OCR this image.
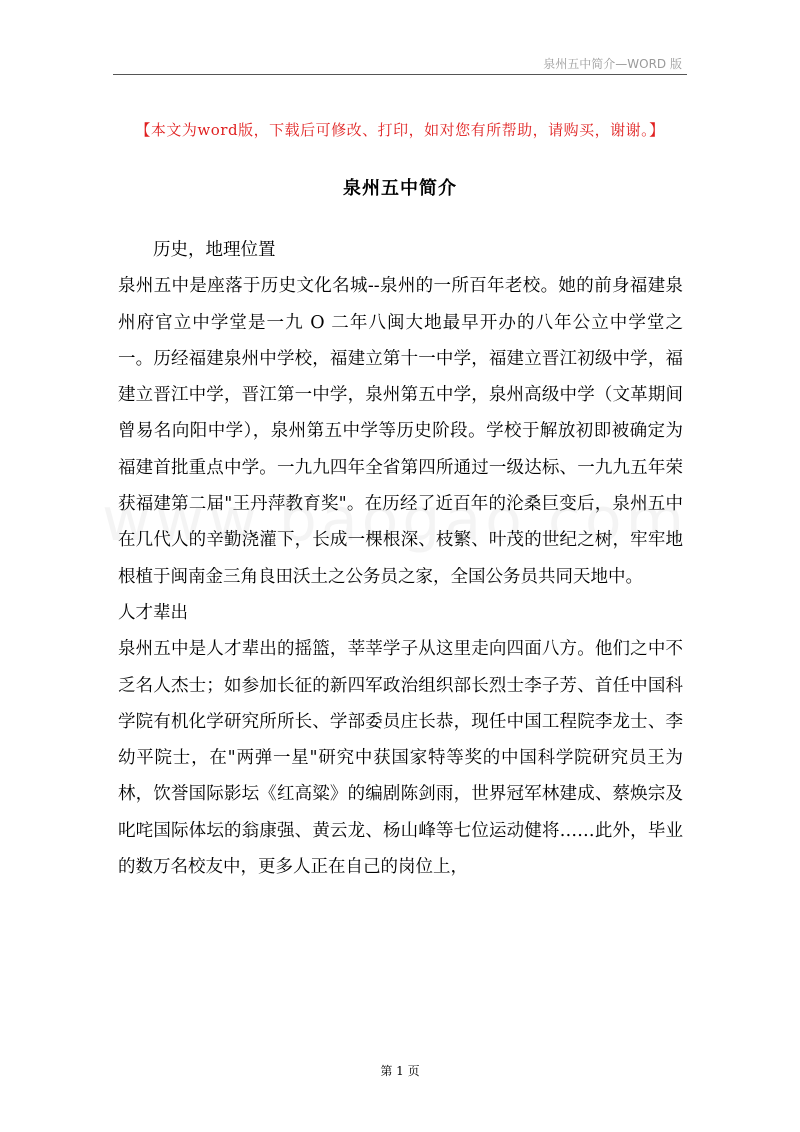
泉州五中简介—WORD 版
【本文为word版，下载后可修改、打印，如对您有所帮助，请购买，谢谢。】
泉州五中简介

历史，地理位置

泉州五中是座落于历史文化名城--泉州的一所百年老校。她的前身福建泉州府官立中学堂是一九 O 二年八闽大地最早开办的八年公立中学堂之一。历经福建泉州中学校，福建立第十一中学，福建立晋江初级中学，福建立晋江中学，晋江第一中学，泉州第五中学，泉州高级中学（文革期间曾易名向阳中学），泉州第五中学等历史阶段。学校于解放初即被确定为福建首批重点中学。一九九四年全省第四所通过一级达标、一九九五年荣获福建第二届"王丹萍教育奖"。在历经了近百年的沦桑巨变后，泉州五中在几代人的辛勤浇灌下，长成一棵根深、枝繁、叶茂的世纪之树，牢牢地根植于闽南金三角良田沃土之公务员之家，全国公务员共同天地中。

人才辈出

泉州五中是人才辈出的摇篮，莘莘学子从这里走向四面八方。他们之中不乏名人杰士；如参加长征的新四军政治组织部长烈士李子芳、首任中国科学院有机化学研究所所长、学部委员庄长恭，现任中国工程院李龙士、李幼平院士，在"两弹一星"研究中获国家特等奖的中国科学院研究员王为林，饮誉国际影坛《红高粱》的编剧陈剑雨，世界冠军林建成、蔡焕宗及叱咤国际体坛的翁康强、黄云龙、杨山峰等七位运动健将……此外，毕业的数万名校友中，更多人正在自己的岗位上，

第 1 页
